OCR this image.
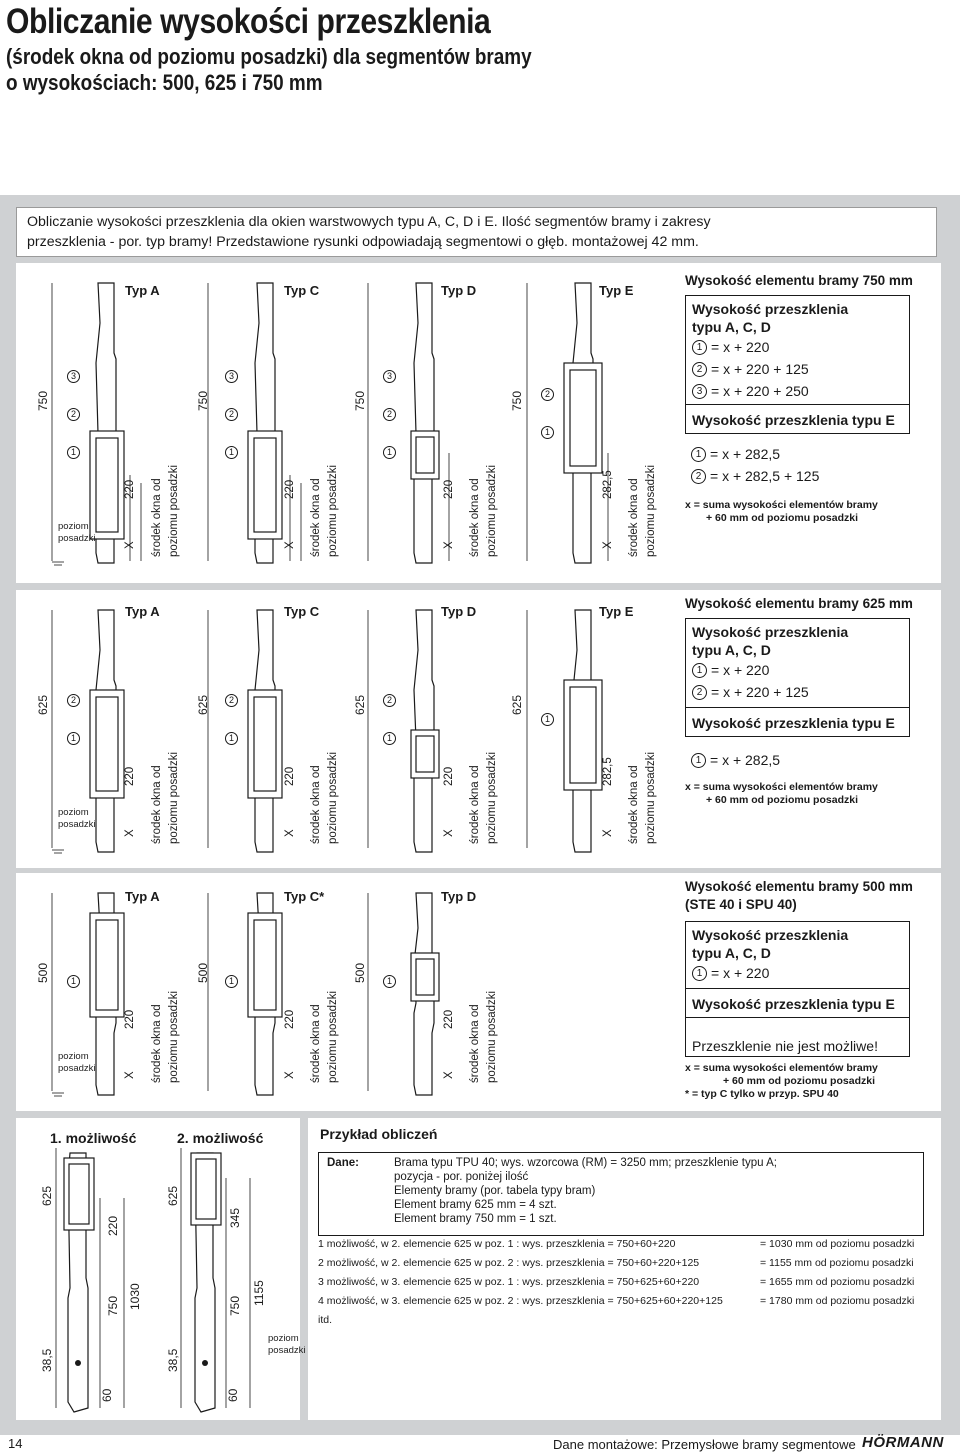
Obliczanie wysokości przeszklenia
(środek okna od poziomu posadzki) dla segmentów bramy
o wysokościach: 500, 625 i 750 mm
Obliczanie wysokości przeszklenia dla okien warstwowych typu A, C, D i E. Ilość segmentów bramy i zakresy
przeszklenia - por. typ bramy! Przedstawione rysunki odpowiadają segmentowi o głęb. montażowej 42 mm.
750	750	750	750
Typ A	Typ C	Typ D	Typ E
3
2
1
3
2
1
3
2
1
2
1
poziom
posadzki
X
220 środek okna od poziomu posadzki	X
220 środek okna od poziomu posadzki	X
220 środek okna od poziomu posadzki	X
282,5 środek okna od poziomu posadzki
Wysokość elementu bramy 750 mm
Wysokość przeszklenia
typu A, C, D
1 = x + 220
2 = x + 220 + 125
3 = x + 220 + 250
Wysokość przeszklenia typu E
1 = x + 282,5
2 = x + 282,5 + 125
x = suma wysokości elementów bramy
+ 60 mm od poziomu posadzki
625	625	625	625
Typ A	Typ C	Typ D	Typ E
2
1
2
1
2
1
1
poziom
posadzki
X
220 środek okna od poziomu posadzki	X
220 środek okna od poziomu posadzki	X
220 środek okna od poziomu posadzki	X
282,5 środek okna od poziomu posadzki
Wysokość elementu bramy 625 mm
Wysokość przeszklenia
typu A, C, D
1 = x + 220
2 = x + 220 + 125
Wysokość przeszklenia typu E
1 = x + 282,5
x = suma wysokości elementów bramy
+ 60 mm od poziomu posadzki
500	500	500
Typ A	Typ C*	Typ D
1	1	1
poziom
posadzki
X
220 środek okna od poziomu posadzki	X
220 środek okna od poziomu posadzki	X
220 środek okna od poziomu posadzki
Wysokość elementu bramy 500 mm
(STE 40 i SPU 40)
Wysokość przeszklenia
typu A, C, D
1 = x + 220
Wysokość przeszklenia typu E
Przeszklenie nie jest możliwe!
x = suma wysokości elementów bramy
+ 60 mm od poziomu posadzki
* = typ C tylko w przyp. SPU 40
1. możliwość	2. możliwość
625
220
750 1030
38,5
60
625
345
750 1155
38,5
60
poziom
posadzki
Przykład obliczeń
Dane:	Brama typu TPU 40; wys. wzorcowa (RM) = 3250 mm; przeszklenie typu A;
pozycja - por. poniżej ilość
Elementy bramy (por. tabela typy bram)
Element bramy 625 mm = 4 szt.
Element bramy 750 mm = 1 szt.
1 możliwość, w 2. elemencie 625 w poz. 1 : wys. przeszklenia = 750+60+220	= 1030 mm od poziomu posadzki
2 możliwość, w 2. elemencie 625 w poz. 2 : wys. przeszklenia = 750+60+220+125	= 1155 mm od poziomu posadzki
3 możliwość, w 3. elemencie 625 w poz. 1 : wys. przeszklenia = 750+625+60+220	= 1655 mm od poziomu posadzki
4 możliwość, w 3. elemencie 625 w poz. 2 : wys. przeszklenia = 750+625+60+220+125	= 1780 mm od poziomu posadzki
itd.
14	Dane montażowe: Przemysłowe bramy segmentowe HÖRMANN
